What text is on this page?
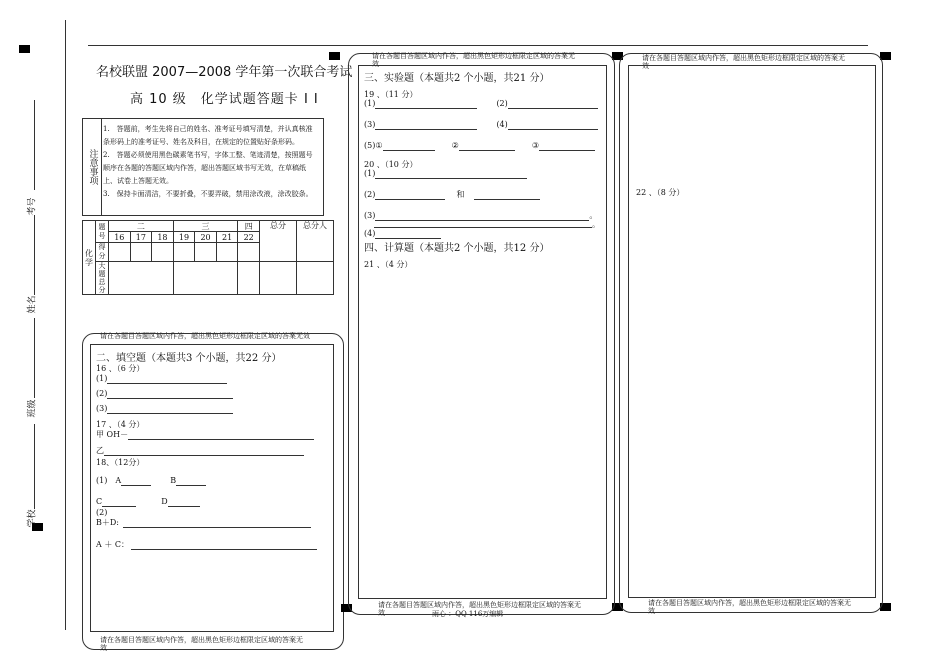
考号
姓名
班级
学校
名校联盟 2007—2008 学年第一次联合考试
高 10 级　化学试题答题卡 I I
注意事项
1.　答题前，考生先将自己的姓名、准考证号填写清楚，并认真核准条形码上的准考证号、姓名及科目，在规定的位置贴好条形码。
2.　答题必须使用黑色碳素笔书写，字体工整、笔迹清楚，按照题号顺序在各题的答题区域内作答，超出答题区域书写无效，在草稿纸上、试卷上答题无效。
3.　保持卡面清洁，不要折叠，不要弄破，禁用涂改液，涂改胶条。
化学	题号	二			三			四	总分	总分人
		16	17	18	19	20	21	22		
	得分									
	大题总分									
请在各题目答题区域内作答，超出黑色矩形边框限定区域的答案无效
请在各题目答题区域内作答，超出黑色矩形边框限定区域的答案无
效
二、填空题（本题共3 个小题，共22 分）
16 、（6 分）
(1)
(2)
(3)
17 、（4 分）
甲 OH－
乙
18、（12分）
(1)　A	B
C	D
(2)
B＋D:
A ＋ C：
请在各题目答题区域内作答，超出黑色矩形边框限定区域的答案无
效
请在各题目答题区域内作答，超出黑色矩形边框限定区域的答案无
效	雨心 ：QQ 116万编辑
三、实验题（本题共2 个小题，共21 分）
19 、（11 分）
(1)	(2)
(3)	(4)
(5)①	②	③
20 、（10 分）
(1)
(2)	和
(3)	。
。
(4)
四、计算题（本题共2 个小题，共12 分）
21 、（4 分）
请在各题目答题区域内作答，超出黑色矩形边框限定区域的答案无
效
请在各题目答题区域内作答，超出黑色矩形边框限定区域的答案无
效
22 、（8 分）
